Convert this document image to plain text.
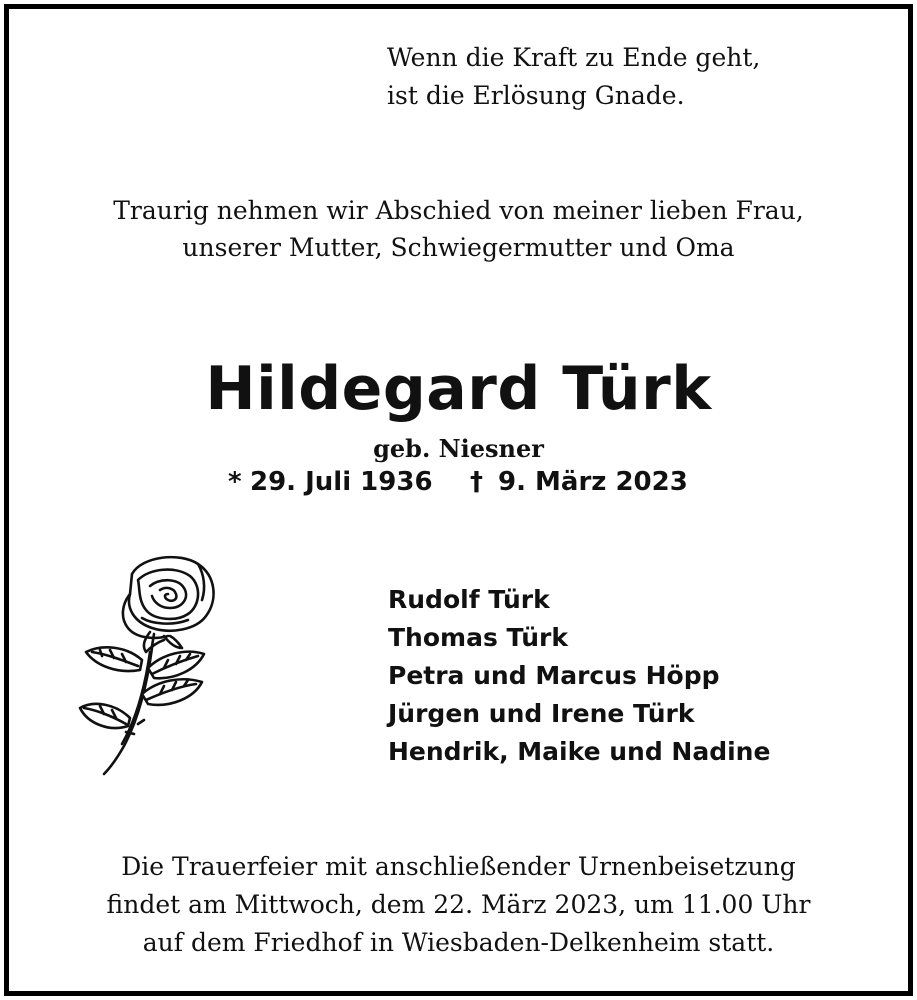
Wenn die Kraft zu Ende geht,
ist die Erlösung Gnade.
Traurig nehmen wir Abschied von meiner lieben Frau,
unserer Mutter, Schwiegermutter und Oma
Hildegard Türk
geb. Niesner
* 29. Juli 1936 † 9. März 2023
Rudolf Türk
Thomas Türk
Petra und Marcus Höpp
Jürgen und Irene Türk
Hendrik, Maike und Nadine
Die Trauerfeier mit anschließender Urnenbeisetzung
findet am Mittwoch, dem 22. März 2023, um 11.00 Uhr
auf dem Friedhof in Wiesbaden-Delkenheim statt.
